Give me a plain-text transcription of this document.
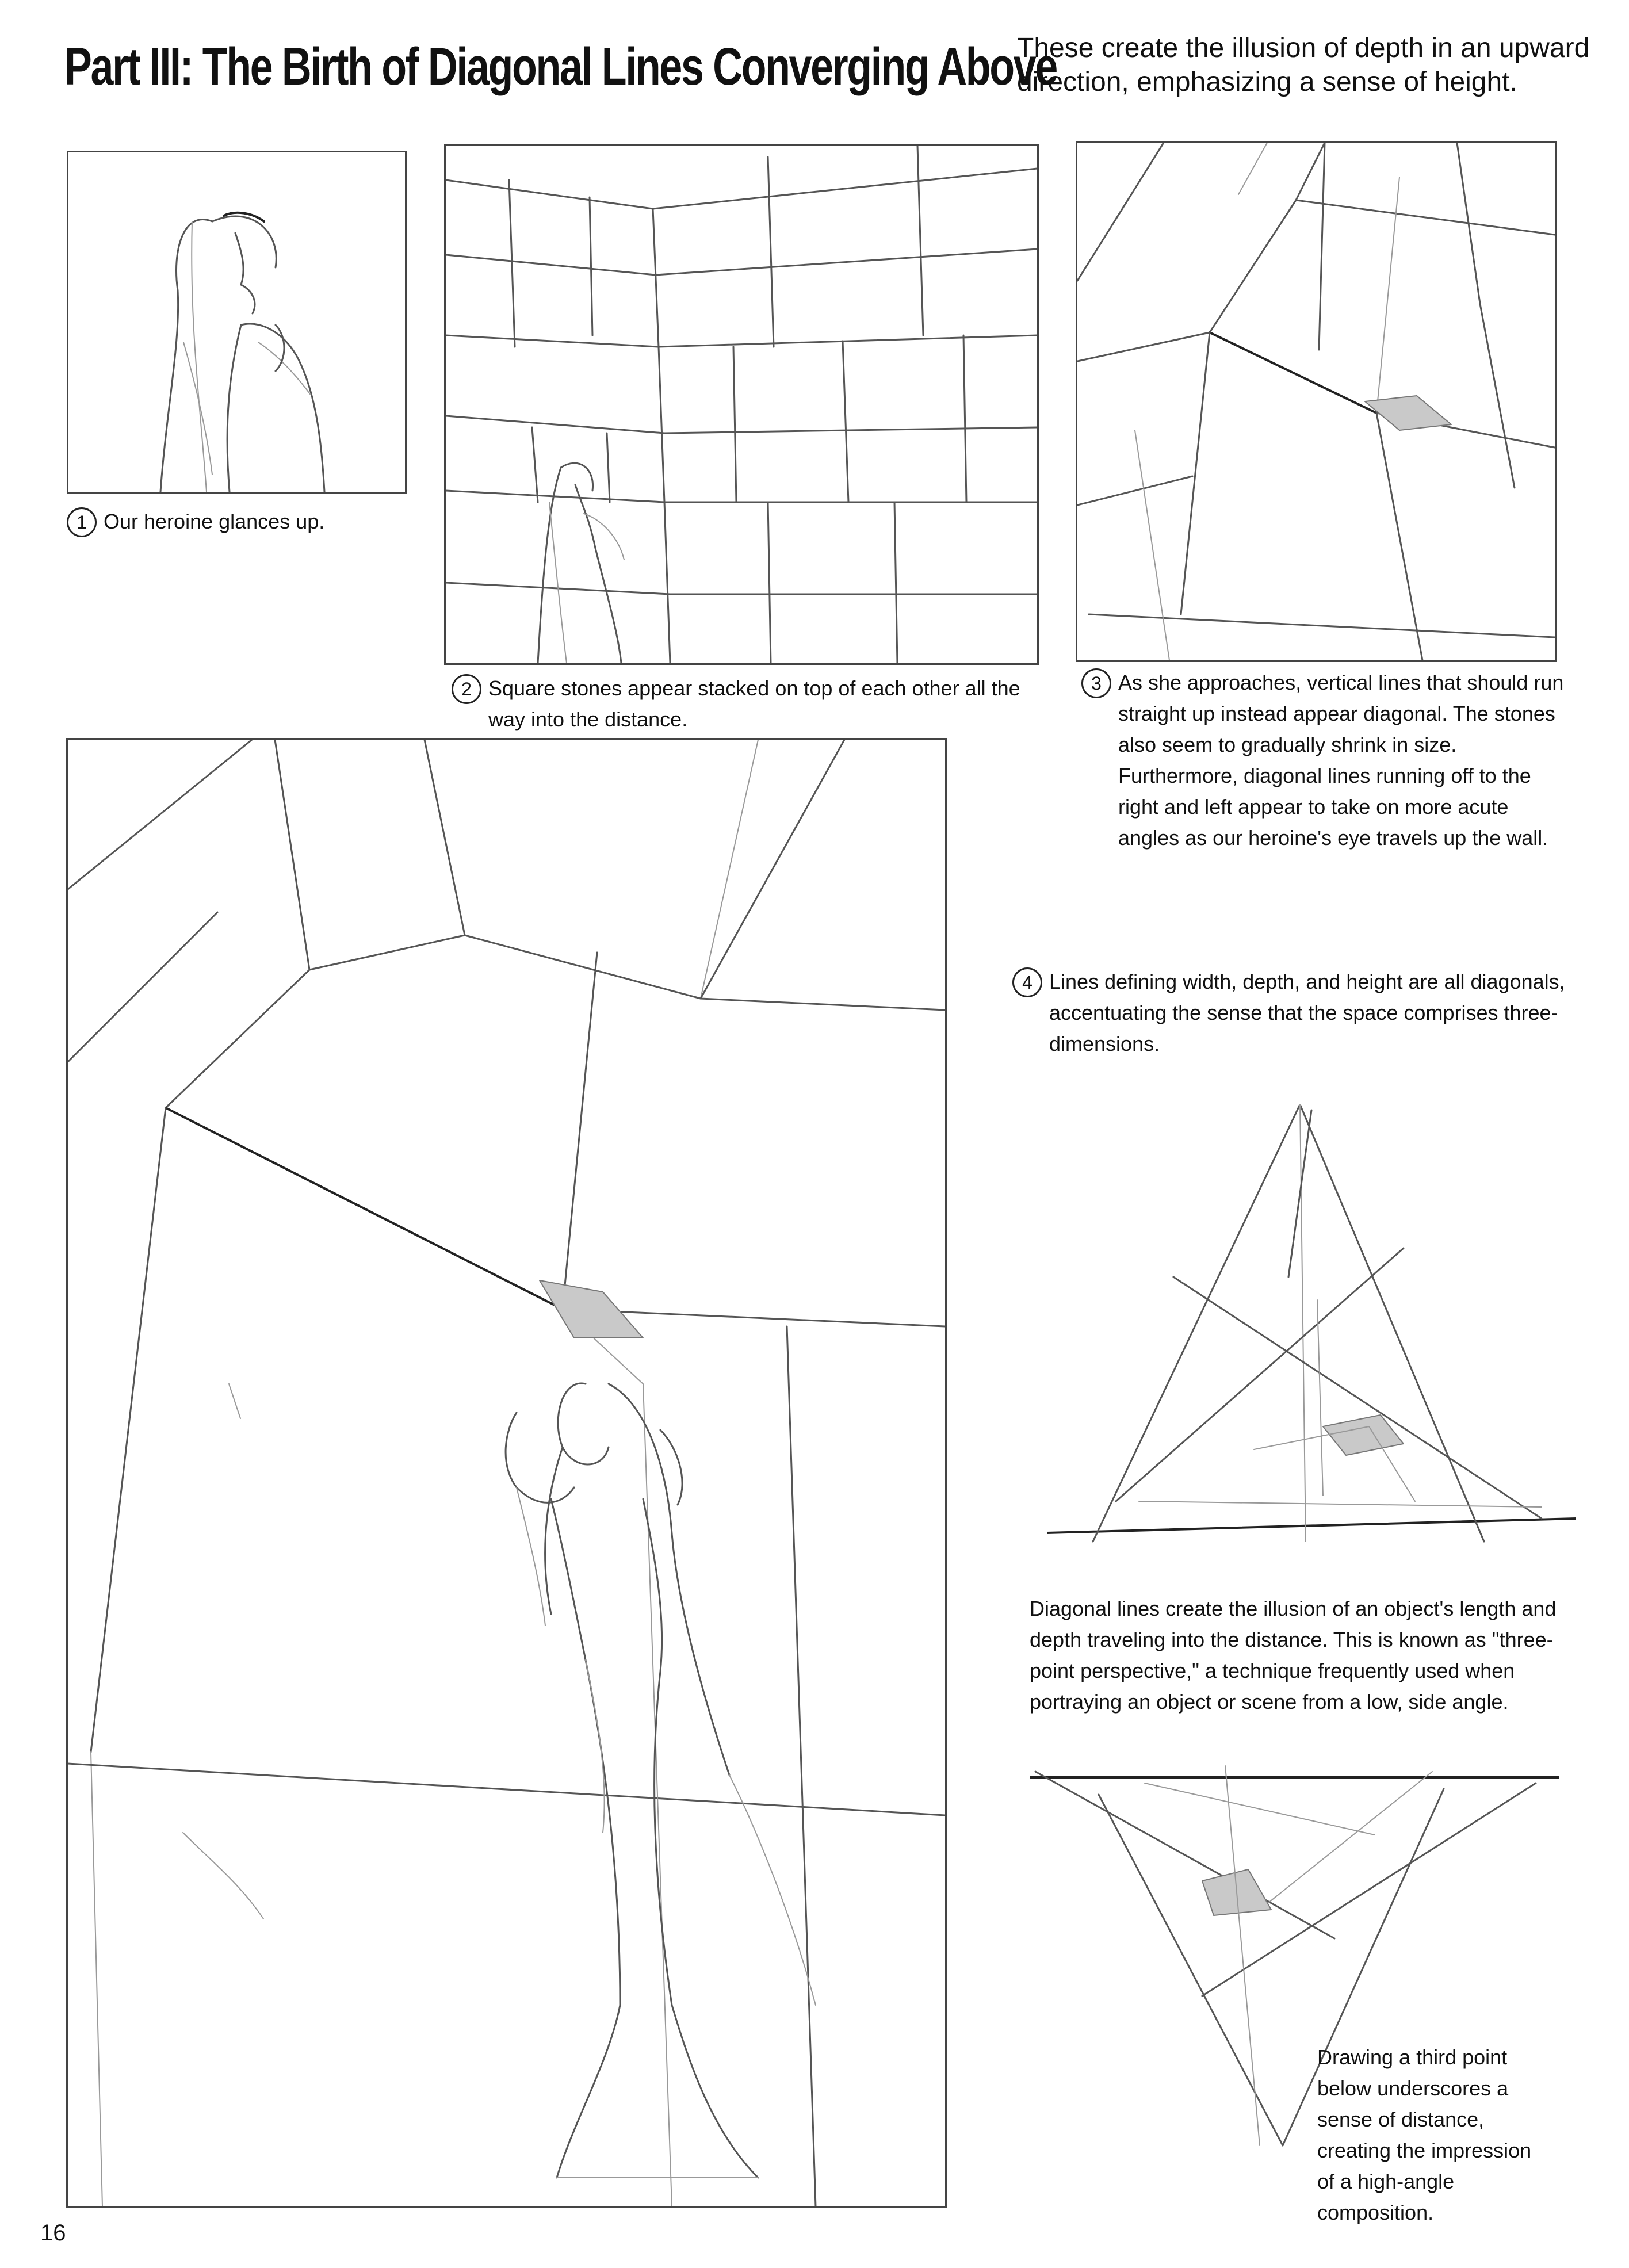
Part III: The Birth of Diagonal Lines Converging Above
These create the illusion of depth in an upward direction, emphasizing a sense of height.
1 Our heroine glances up.
2 Square stones appear stacked on top of each other all the way into the distance.
3 As she approaches, vertical lines that should run straight up instead appear diagonal. The stones also seem to gradually shrink in size. Furthermore, diagonal lines running off to the right and left appear to take on more acute angles as our heroine's eye travels up the wall.
4 Lines defining width, depth, and height are all diagonals, accentuating the sense that the space comprises three-dimensions.
Diagonal lines create the illusion of an object's length and depth traveling into the distance. This is known as "three-point perspective," a technique frequently used when portraying an object or scene from a low, side angle.
Drawing a third point below underscores a sense of distance, creating the impression of a high-angle composition.
16
